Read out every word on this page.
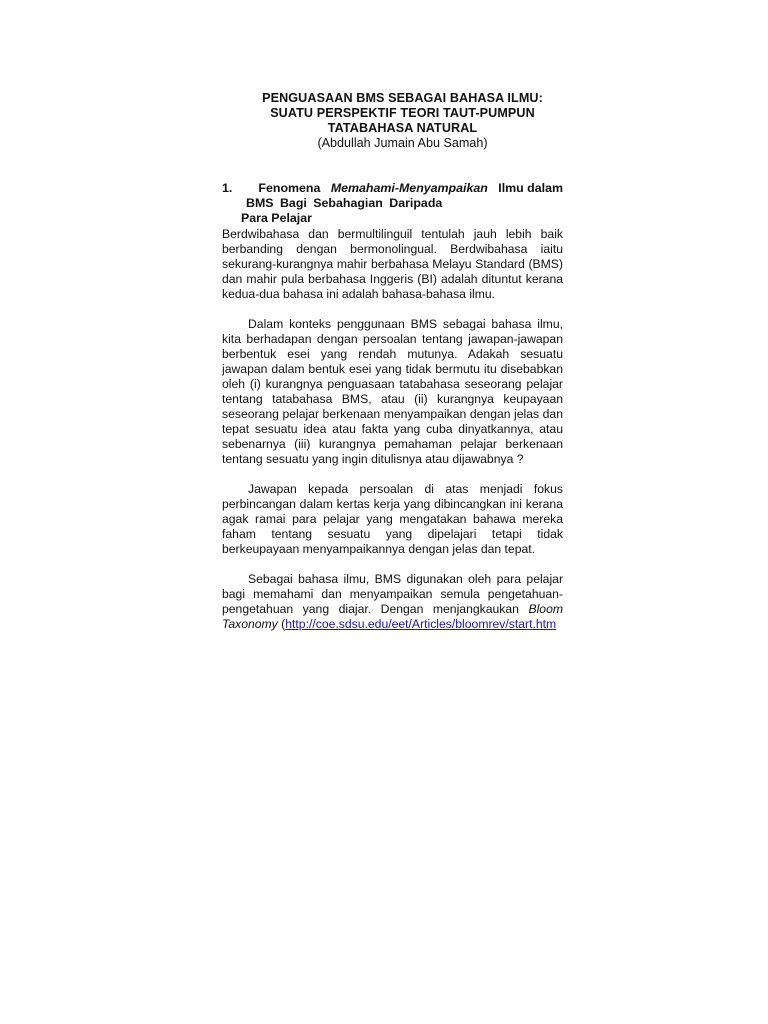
PENGUASAAN BMS SEBAGAI BAHASA ILMU:
SUATU PERSPEKTIF TEORI TAUT-PUMPUN
TATABAHASA NATURAL
(Abdullah Jumain Abu Samah)
1.	Fenomena Memahami-Menyampaikan Ilmu dalam
BMS Bagi Sebahagian Daripada
Para Pelajar

Berdwibahasa dan bermultilinguil tentulah jauh lebih baik berbanding dengan bermonolingual. Berdwibahasa iaitu sekurang-kurangnya mahir berbahasa Melayu Standard (BMS) dan mahir pula berbahasa Inggeris (BI) adalah dituntut kerana kedua-dua bahasa ini adalah bahasa-bahasa ilmu.

Dalam konteks penggunaan BMS sebagai bahasa ilmu, kita berhadapan dengan persoalan tentang jawapan-jawapan berbentuk esei yang rendah mutunya. Adakah sesuatu jawapan dalam bentuk esei yang tidak bermutu itu disebabkan oleh (i) kurangnya penguasaan tatabahasa seseorang pelajar tentang tatabahasa BMS, atau (ii) kurangnya keupayaan seseorang pelajar berkenaan menyampaikan dengan jelas dan tepat sesuatu idea atau fakta yang cuba dinyatkannya, atau sebenarnya (iii) kurangnya pemahaman pelajar berkenaan tentang sesuatu yang ingin ditulisnya atau dijawabnya ?

Jawapan kepada persoalan di atas menjadi fokus perbincangan dalam kertas kerja yang dibincangkan ini kerana agak ramai para pelajar yang mengatakan bahawa mereka faham tentang sesuatu yang dipelajari tetapi tidak berkeupayaan menyampaikannya dengan jelas dan tepat.

Sebagai bahasa ilmu, BMS digunakan oleh para pelajar bagi memahami dan menyampaikan semula pengetahuan-pengetahuan yang diajar. Dengan menjangkaukan Bloom Taxonomy (http://coe.sdsu.edu/eet/Articles/bloomrev/start.htm
